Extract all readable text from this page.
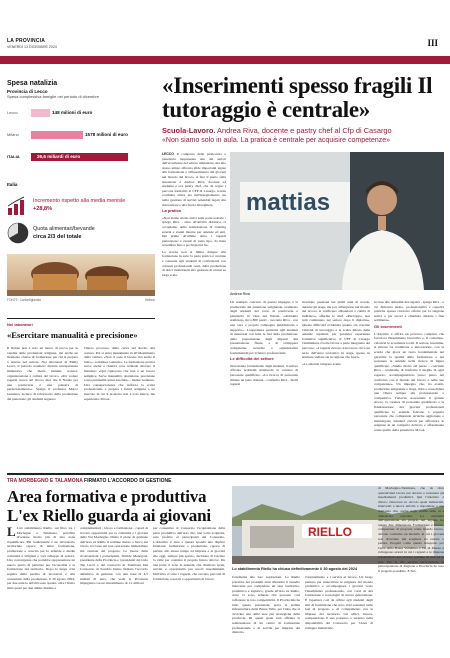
LA PROVINCIA
VENERDÌ 13 DICEMBRE 2024	III
Spesa natalizia
Provincia di Lecco
Spesa complessiva famiglie nel periodo di dicembre
Lecco	148 milioni di euro
Milano	1578 milioni di euro
ITALIA	26,6 miliardi di euro
Italia
Incremento rispetto alla media menisle
+28,8%
Quota alimentari/bevande
circa 2/3 del totale
FONTE: Confartigianato	Withub
Nel laboratori
«Esercitare manualità e precisione»
Il Natale non è solo un banco di prova per le vendite delle produzioni artigiane, ma anche un momento chiave di formazione per chi si prepara a entrare nel settore. Nei laboratori di Emily Lecrà, il periodo natalizio diventa un'esperienza immersiva che mette insieme tecnica, organizzazione e cultura del lavoro. «Per vedere ragazzi cresce sul lavoro dice che il Natale per una pasticceria è una palestra di perfezionamento». Spiega il professor Marco Gennuso, tecnico di laboratorio della produzione del panettone, gli studenti seguono
l'intero processo, dalla curva del lievito alla cottura. Poi si entra pienamente in all'allestimento della vetrina. «Non ci sono il buono, ma anche il bello», sottolinea Gennuso. La formazione pratica serve anche a chiarire cosa richiede davvero il mestiere: «Qui capiscono che non è un lavoro semplice. Serve manualità, attenzione, precisione e una puntualità quasi assoluta» - insiste Gennuso. Una consapevolezza che rafforza la scelta professionale e prepara i futuri artigiani a un mercato in cui il prodotto non è solo merce, ma esperienza. M.GA.
«Inserimenti spesso fragili Il tutoraggio è centrale»
Scuola-Lavoro. Andrea Riva, docente e pastry chef al Cfp di Casargo
«Non siamo solo in aula. La pratica è centrale per acquisire competenze»

LECCO Il comparto della pasticceria e panetteria rappresenta uno dei settori dell'eccellenza del settore alimentare, ma allo stesso tempo affronta sfide importanti legate alla formazione e all'inserimento dei giovani nel mondo del lavoro. A fare il punto sulla situazione è Andrea Riva, docente ed studente e ora pastry chef, che da sogno i percorsi formativi al CFP di Casargo, scuola costituita attiva sia nell'insegnamento sia nella gestione di servizi aziendali legati alla ristorazione e alla fascia alberghiera.

La pratica

«Non siamo molto attivi sulla parte teatrale - spiega Riva - oltre all'attività didattica, ci occupiamo della realizzazione di catering esterni e eventi interne per aziende ed enti. Del primo all'ultimo anno, i ragazzi partecipano a eventi di vario tipo, da meta novembre fino a pochi giorni fa».

La scuola non si limita dunque alla formazione in aula: la parte pratica è centrale e consente agli studenti di confrontarsi con contesti professionali reali, dalla produzione di dolci tradizionali alla gestione di eventi su larga scala.

mattias
Andrea Riva

Un esempio concreto di questo impegno è la produzione del panettone artigianale, realizzato dagli studenti del corso di pasticceria e panetteria in vista del Natale. «Abbiamo realizzato circa 800 pezzi - racconta Riva - con una vera e propria campagna pubblicitaria e supporto». L'esperienza permette agli studenti di misurarsi con tutte le fasi della produzione, dalla preparazione degli impasti alla presentazione finale, e di sviluppare competenze tecniche e organizzative fondamentali per il futuro professionale.

Le difficoltà del settore

Nonostante l'entusiasmo degli studenti, il settore affronta problemi strutturali: la carenza di personale qualificato. «La ricerca di personale rimane un tasto dolente - conferma Riva - molti ragazzi

mostrano passione nei primi anni di scuola, durante gli stage, ma poi, all'ingresso nel mondo del lavoro, si verificano abbandoni o cambi di indirizzo», afferma lo chef. «Purtroppo, non tutti continuano nel settore dopo il diploma». Questa difficoltà evidenzia quanto sia cruciale l'attività di tutoraggio e la scelta mirata delle aziende ospitanti, per garantire esperienze formative significative. Il CFP di Casargo l'amministra rivolta favore a parte integrante del percorso. «I ragazzi devono trascorrere circa un terzo dell'anno scolastico in stage, spesso in strutture stellate sia in regione che fuori».

«La azienda vengono scelte

in base alle attitudini dei ragazzi - spiega Riva - e ciò dimostra molto, professionalità e capacità pratiche spesso ricevono offerte per la stagione estiva o per lavori a chiamata durante i fine settimana».

Gli inserimenti

L'obiettivo è offrire un percorso completo che favorisca l'inserimento lavorativo e, al contempo, valorizzi le eccellenze locali. Il settore, insomma, si muove tra tradizione e innovazione, con la scuola che gioca un ruolo fondamentale nel garantire la qualità della formazione e nel sostenere le aziende nella ricerca di figure qualificate. «Siamo molto sul pezzo - conclude Riva - cerchiamo di trasferire il meglio di ogni ragazzo, accompagnandolo passo passo nel confronto con il mondo del lavoro e nelle sue competenze». Un impegno che, tra eventi, produzione artigianale e stage, mira a consolidare una filiera sempre più professionale e competitiva. Tuttavia, nonostante il grande sforzo, la carenza di personale qualificato e la fidelizzazione dei giovani professionali qualificate le aziende faticano a reperire personale che comprenda tecniche aggiornate e mantengano standard elevati per affrontare le esigenze di un comparto delicato e affascinante come quello della panetteria. M.GA.

TRA MORBEGNO E TALAMONA FIRMATO L'ACCORDO DI GESTIONE
Area formativa e produttiva L'ex Riello guarda ai giovani
RIELLO
Lo stabilimento Riello ha chiuso definitivamente il 30 agosto del 2024

L L'ex stabilimento Riello, sul fibro tra i Morbegno e Talamona, potrebbe diventare molto più di una zona riqualificata. Più tradizionale è un laboratorio territoriale capace di unire formazione, produzione e crescita per le aziende e medie comunità e artigiani e vari sviluppo di settore. Una convergenza che potrebbe rappresentare un nuovo punto di partenza per l'economia e la formazione del territorio. Dopo la lunga crisi seguita dalla perdita di lavoratori e alla cessazione della produzione, il 30 agosto 2024, per due anni le attività sono spente, oltre l'invito mirò quasi per due anime distinte e

complementari - lavoro e formazione - capaci di trovare opportunità per la comunità e i giovani della Val Morbegno. Dietro il piano di gestione dell'area ex Riello il termine messo a fuoco sul tavolo tra l'area sul non operazione immobiliare ma centrale del progetto. Le buone delle riconversioni i partecipanti, Davide Menegola, presidente della Provincia e i presidenti del Lido Tap Lucci e del consorzio di Talamona Del Consorzio di Sondrio hanno firmato l'accordo definitivo di gestione, con una base di 4,5 milioni di euro, che vede la Provincia impegnata con un investimento di 1,1 milioni
per consentire al Consorzio l'acquisizione della parte produttiva dell'area che, una volta acquisita, sarà profitto ai partecipanti del Consorzio. L'obiettivo è dare a questa sponda una duplice funzione: formazione e produzione, capace di parlare allo stesso tempo ad imprese e ai giovani che oggi, sempre più spesso, decidono di lasciare la valle per costruire il proprio futuro altrove. Da una parte ci sono le aziende, che chiedono spazi, servizi e opportunità per nuovi insediamenti. Dall'altra ci sono i ragazzi, che cercano percorsi di formazione concreti e opportunità di lavoro	fortemente alle loro aspirazioni. Lo Riello potrebbe nei prossimi anni diventare il tassello mancante per completare un asse formativo, produttivo e logistico, grazie all'area ex Riello, dove vi sono aziende che possono così rafforzare la loro competitività. Il Provinciale ha tutto questo potenziale, porta la stabile infrastruttura della Bassa Valle, per l'idea che si avvicina una delle aree più strategiche della provincia. Di questi spazi sarà affidata la realizzazione di un centro di formazione professionale e di servizi per imprese del distretto.
l'orientamento e i servizi al lavoro. Un luogo pensato per intercettare le esigenze del mondo produttivo e accompagnare i giovani verso l'inserimento professionale, con corsi di alta formazione e tecnologie di nuova generazione. È l'apertura così da offrire agli studenti degli enti di formazione che sono stati sostenuti nelle fasi di progetto e di collegamento con le imprese del territorio. Gli uffici, invece, comprendono il suo possesso e saranno nella disponibilità del Consorzio per l'Area di sviluppo industriale.
di Morbegno-Talamona, che da oltre quarant'anni lavora per attrarre e sostenere gli insediamenti produttivi. Qui l'obiettivo è chiaro: rinnovare in circolo spazi industriali, interventi e nuove attività e rispondere a una domanda che, anche negli ultimi anni, si è dimostrata concreta. La centralità dell'operazione sta proprio nel legame tra queste due dimensioni. Formazione e lavoro, competenze di proposte come mondo lavoro, devono costituire un modello in cui i giovani non dovranno più scegliere tra restare o partire. Progetti come questo integrano per l'area della Bassa Valtellina e Val di Mezzo e sviluppano azioni in cui i ragazzi e le imprese condividono una visione comune di crescita in rete. Per la Zia serviva un'occasione la partecipazione di Regione e Provincia ha reso il progetto possibile. E.Sav.
